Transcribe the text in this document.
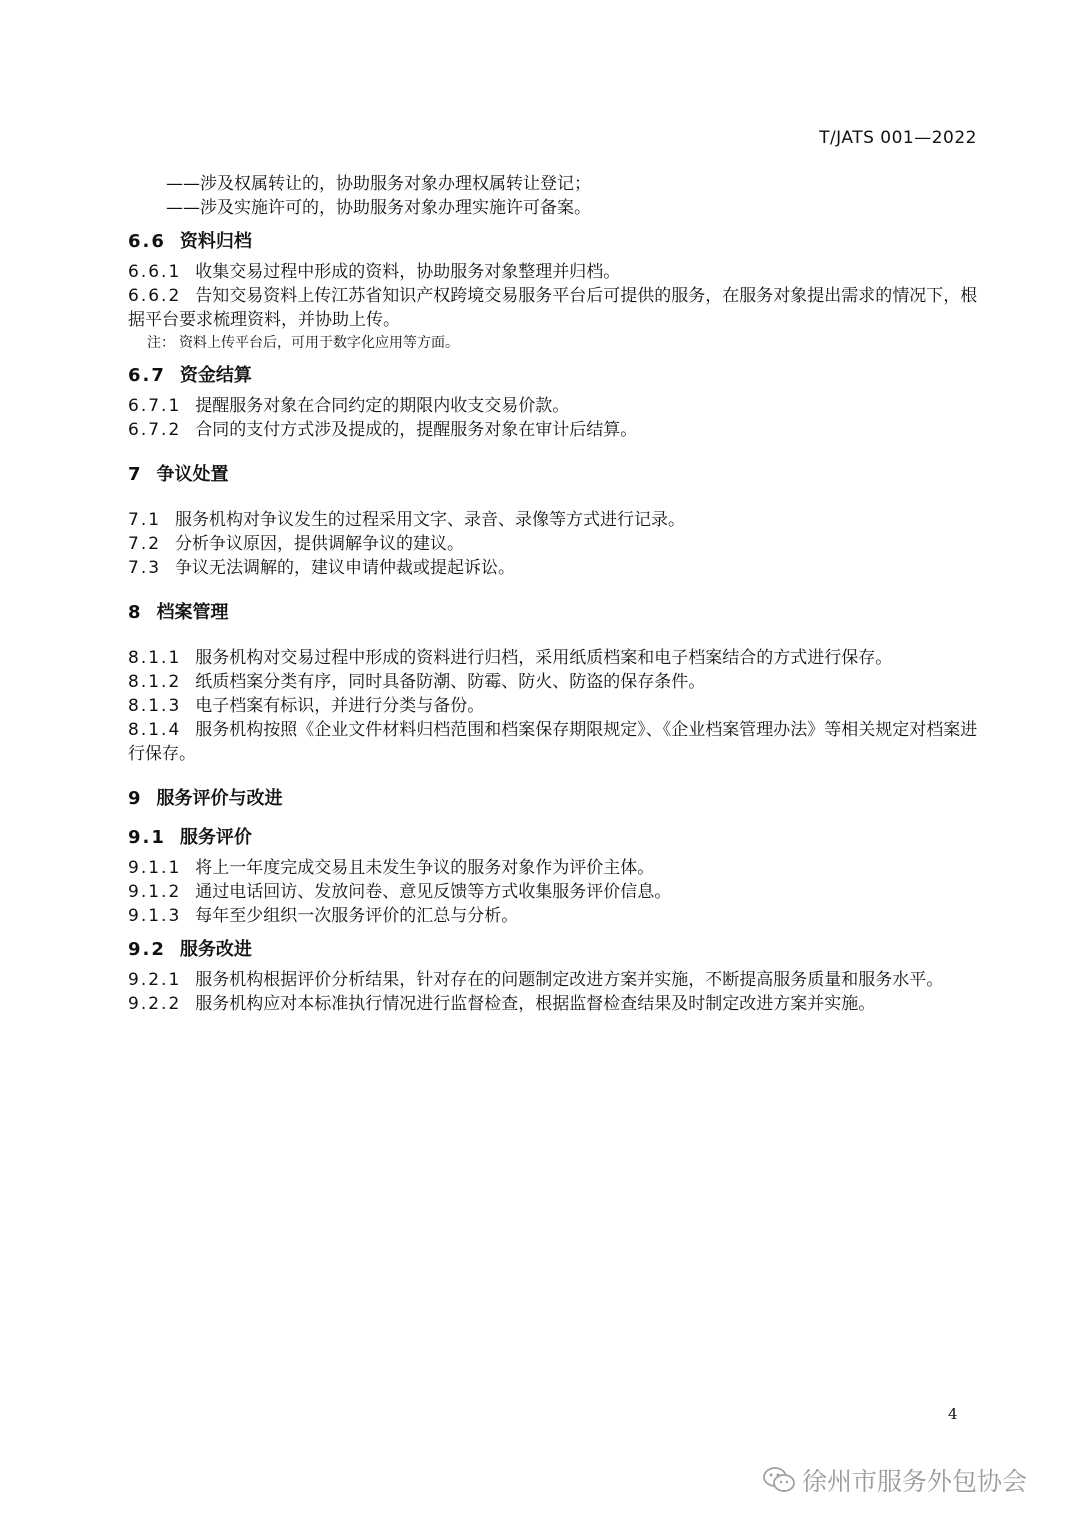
T/JATS 001—2022
——涉及权属转让的，协助服务对象办理权属转让登记；
——涉及实施许可的，协助服务对象办理实施许可备案。
6.6 资料归档
6.6.1 收集交易过程中形成的资料，协助服务对象整理并归档。
6.6.2 告知交易资料上传江苏省知识产权跨境交易服务平台后可提供的服务，在服务对象提出需求的情况下，根据平台要求梳理资料，并协助上传。
注： 资料上传平台后，可用于数字化应用等方面。
6.7 资金结算
6.7.1 提醒服务对象在合同约定的期限内收支交易价款。
6.7.2 合同的支付方式涉及提成的，提醒服务对象在审计后结算。
7 争议处置
7.1 服务机构对争议发生的过程采用文字、录音、录像等方式进行记录。
7.2 分析争议原因，提供调解争议的建议。
7.3 争议无法调解的，建议申请仲裁或提起诉讼。
8 档案管理
8.1.1 服务机构对交易过程中形成的资料进行归档，采用纸质档案和电子档案结合的方式进行保存。
8.1.2 纸质档案分类有序，同时具备防潮、防霉、防火、防盗的保存条件。
8.1.3 电子档案有标识，并进行分类与备份。
8.1.4 服务机构按照《企业文件材料归档范围和档案保存期限规定》、《企业档案管理办法》等相关规定对档案进行保存。
9 服务评价与改进
9.1 服务评价
9.1.1 将上一年度完成交易且未发生争议的服务对象作为评价主体。
9.1.2 通过电话回访、发放问卷、意见反馈等方式收集服务评价信息。
9.1.3 每年至少组织一次服务评价的汇总与分析。
9.2 服务改进
9.2.1 服务机构根据评价分析结果，针对存在的问题制定改进方案并实施，不断提高服务质量和服务水平。
9.2.2 服务机构应对本标准执行情况进行监督检查，根据监督检查结果及时制定改进方案并实施。
4
徐州市服务外包协会
